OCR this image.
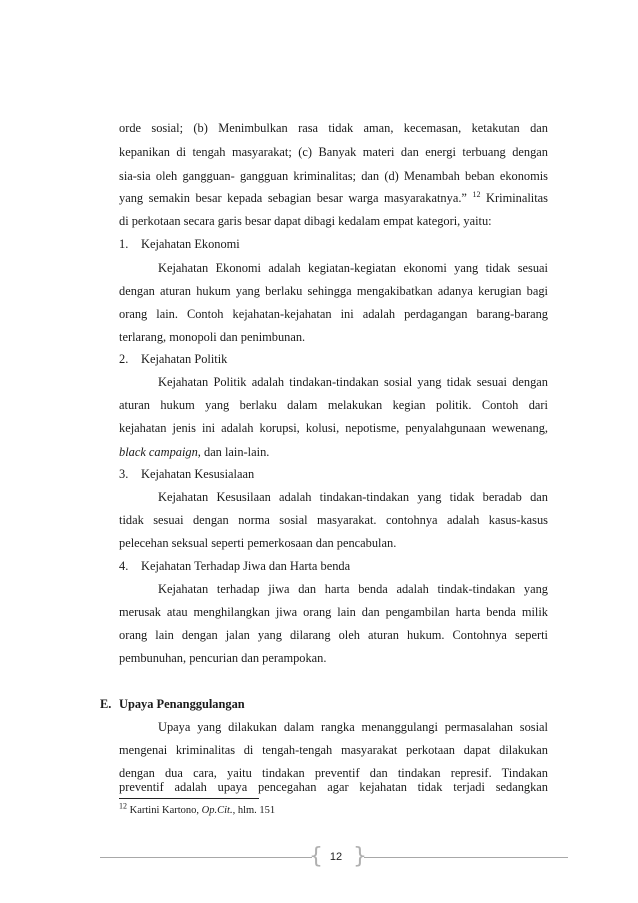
orde sosial; (b) Menimbulkan rasa tidak aman, kecemasan, ketakutan dan
kepanikan di tengah masyarakat; (c) Banyak materi dan energi terbuang dengan
sia-sia oleh gangguan- gangguan kriminalitas; dan (d) Menambah beban ekonomis
yang semakin besar kepada sebagian besar warga masyarakatnya.” $^{12}$ Kriminalitas
di perkotaan secara garis besar dapat dibagi kedalam empat kategori, yaitu:
1. Kejahatan Ekonomi
Kejahatan Ekonomi adalah kegiatan-kegiatan ekonomi yang tidak sesuai
dengan aturan hukum yang berlaku sehingga mengakibatkan adanya kerugian bagi
orang lain. Contoh kejahatan-kejahatan ini adalah perdagangan barang-barang
terlarang, monopoli dan penimbunan.
2. Kejahatan Politik
Kejahatan Politik adalah tindakan-tindakan sosial yang tidak sesuai dengan
aturan hukum yang berlaku dalam melakukan kegian politik. Contoh dari
kejahatan jenis ini adalah korupsi, kolusi, nepotisme, penyalahgunaan wewenang,
black campaign, dan lain-lain.
3. Kejahatan Kesusialaan
Kejahatan Kesusilaan adalah tindakan-tindakan yang tidak beradab dan
tidak sesuai dengan norma sosial masyarakat. contohnya adalah kasus-kasus
pelecehan seksual seperti pemerkosaan dan pencabulan.
4. Kejahatan Terhadap Jiwa dan Harta benda
Kejahatan terhadap jiwa dan harta benda adalah tindak-tindakan yang
merusak atau menghilangkan jiwa orang lain dan pengambilan harta benda milik
orang lain dengan jalan yang dilarang oleh aturan hukum. Contohnya seperti
pembunuhan, pencurian dan perampokan.
E. Upaya Penanggulangan
Upaya yang dilakukan dalam rangka menanggulangi permasalahan sosial
mengenai kriminalitas di tengah-tengah masyarakat perkotaan dapat dilakukan
dengan dua cara, yaitu tindakan preventif dan tindakan represif. Tindakan
preventif adalah upaya pencegahan agar kejahatan tidak terjadi sedangkan
$^{12}$ Kartini Kartono, Op.Cit., hlm. 151
{ 12 }
